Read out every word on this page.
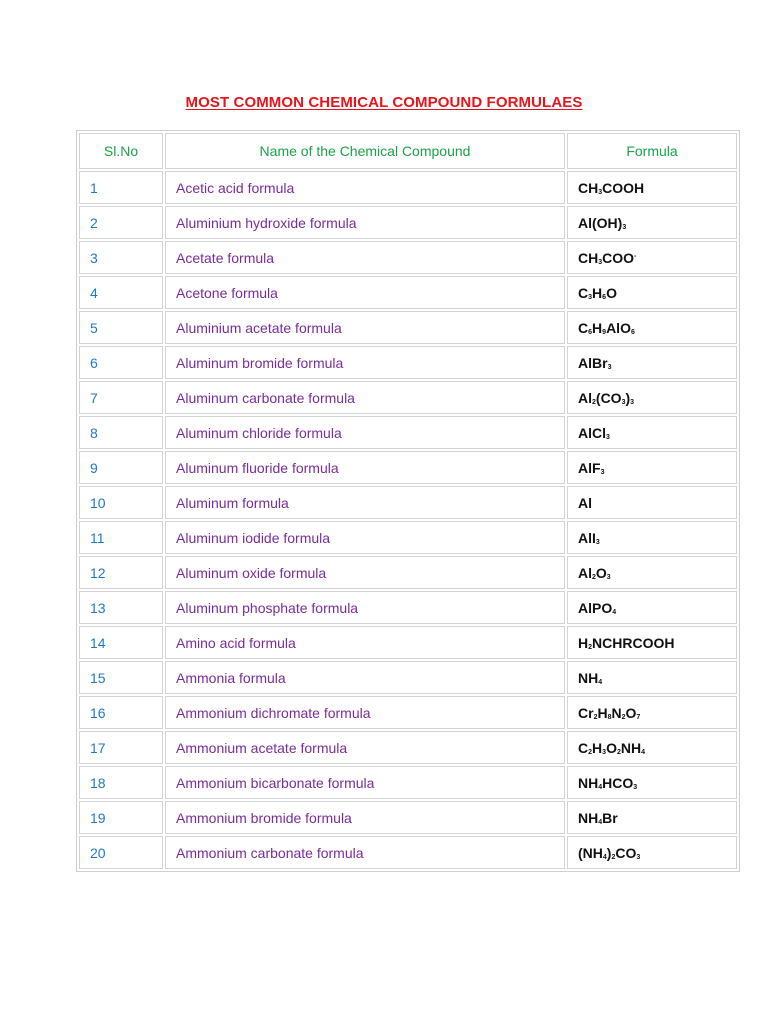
MOST COMMON CHEMICAL COMPOUND FORMULAES
Sl.No	Name of the Chemical Compound	Formula
1	Acetic acid formula	$CH_3COOH$
2	Aluminium hydroxide formula	$Al(OH)_3$
3	Acetate formula	$CH_3COO^-$
4	Acetone formula	$C_3H_6O$
5	Aluminium acetate formula	$C_6H_9AlO_6$
6	Aluminum bromide formula	AlBr$_3$
7	Aluminum carbonate formula	$Al_2(CO_3)_3$
8	Aluminum chloride formula	AlCl$_3$
9	Aluminum fluoride formula	AlF$_3$
10	Aluminum formula	Al
11	Aluminum iodide formula	AlI$_3$
12	Aluminum oxide formula	$Al_2O_3$
13	Aluminum phosphate formula	AlPO$_4$
14	Amino acid formula	$H_2NCHRCOOH$
15	Ammonia formula	$NH_4$
16	Ammonium dichromate formula	$Cr_2H_8N_2O_7$
17	Ammonium acetate formula	$C_2H_3O_2NH_4$
18	Ammonium bicarbonate formula	$NH_4HCO_3$
19	Ammonium bromide formula	$NH_4Br$
20	Ammonium carbonate formula	$(NH_4)_2CO_3$
